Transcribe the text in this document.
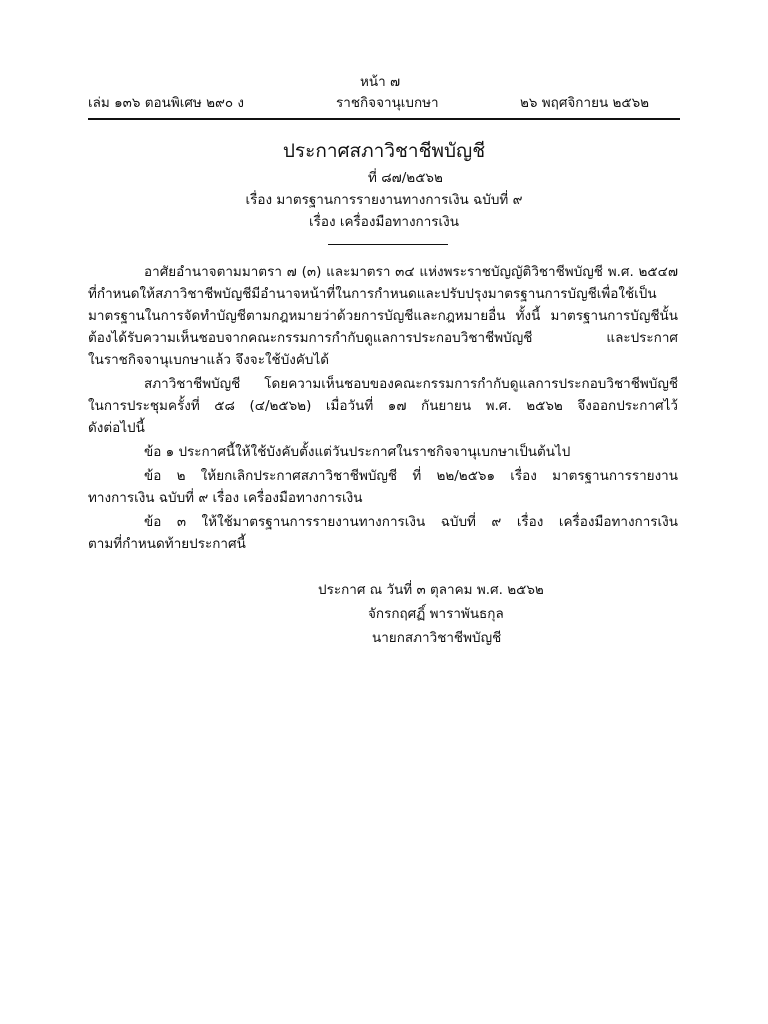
หน้า ๗
เล่ม ๑๓๖ ตอนพิเศษ ๒๙๐ ง	ราชกิจจานุเบกษา	๒๖ พฤศจิกายน ๒๕๖๒
ประกาศสภาวิชาชีพบัญชี
ที่ ๘๗/๒๕๖๒
เรื่อง มาตรฐานการรายงานทางการเงิน ฉบับที่ ๙
เรื่อง เครื่องมือทางการเงิน
อาศัยอำนาจตามมาตรา ๗ (๓) และมาตรา ๓๔ แห่งพระราชบัญญัติวิชาชีพบัญชี พ.ศ. ๒๕๔๗
ที่กำหนดให้สภาวิชาชีพบัญชีมีอำนาจหน้าที่ในการกำหนดและปรับปรุงมาตรฐานการบัญชีเพื่อใช้เป็น
มาตรฐานในการจัดทำบัญชีตามกฎหมายว่าด้วยการบัญชีและกฎหมายอื่น ทั้งนี้ มาตรฐานการบัญชีนั้น
ต้องได้รับความเห็นชอบจากคณะกรรมการกำกับดูแลการประกอบวิชาชีพบัญชี และประกาศ
ในราชกิจจานุเบกษาแล้ว จึงจะใช้บังคับได้
สภาวิชาชีพบัญชี โดยความเห็นชอบของคณะกรรมการกำกับดูแลการประกอบวิชาชีพบัญชี
ในการประชุมครั้งที่ ๕๘ (๔/๒๕๖๒) เมื่อวันที่ ๑๗ กันยายน พ.ศ. ๒๕๖๒ จึงออกประกาศไว้
ดังต่อไปนี้
ข้อ ๑ ประกาศนี้ให้ใช้บังคับตั้งแต่วันประกาศในราชกิจจานุเบกษาเป็นต้นไป
ข้อ ๒ ให้ยกเลิกประกาศสภาวิชาชีพบัญชี ที่ ๒๒/๒๕๖๑ เรื่อง มาตรฐานการรายงาน
ทางการเงิน ฉบับที่ ๙ เรื่อง เครื่องมือทางการเงิน
ข้อ ๓ ให้ใช้มาตรฐานการรายงานทางการเงิน ฉบับที่ ๙ เรื่อง เครื่องมือทางการเงิน
ตามที่กำหนดท้ายประกาศนี้
ประกาศ ณ วันที่ ๓ ตุลาคม พ.ศ. ๒๕๖๒
จักรกฤศฏิ์ พาราพันธกุล
นายกสภาวิชาชีพบัญชี
